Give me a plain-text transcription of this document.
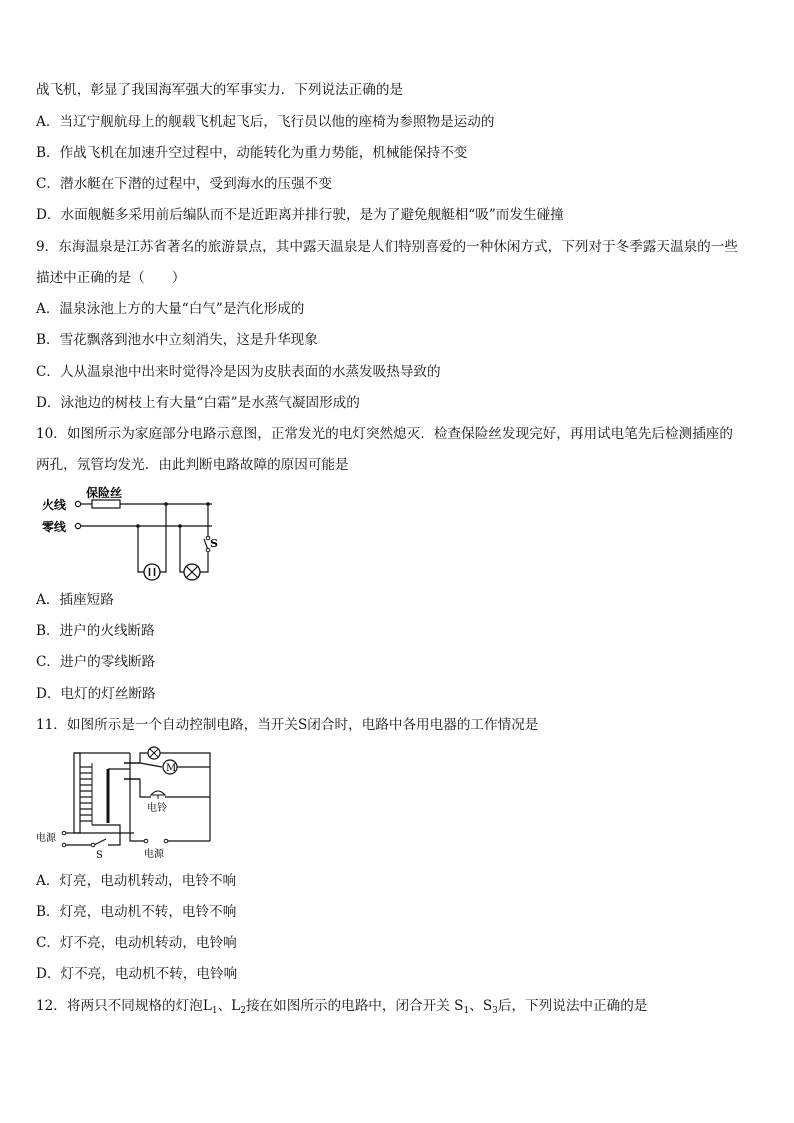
战飞机，彰显了我国海军强大的军事实力．下列说法正确的是
A．当辽宁舰航母上的舰载飞机起飞后，飞行员以他的座椅为参照物是运动的
B．作战飞机在加速升空过程中，动能转化为重力势能，机械能保持不变
C．潜水艇在下潜的过程中，受到海水的压强不变
D．水面舰艇多采用前后编队而不是近距离并排行驶，是为了避免舰艇相“吸”而发生碰撞
9．东海温泉是江苏省著名的旅游景点，其中露天温泉是人们特别喜爱的一种休闲方式，下列对于冬季露天温泉的一些
描述中正确的是（　　）
A．温泉泳池上方的大量“白气”是汽化形成的
B．雪花飘落到池水中立刻消失，这是升华现象
C．人从温泉池中出来时觉得冷是因为皮肤表面的水蒸发吸热导致的
D．泳池边的树枝上有大量“白霜”是水蒸气凝固形成的
10．如图所示为家庭部分电路示意图，正常发光的电灯突然熄灭．检查保险丝发现完好，再用试电笔先后检测插座的
两孔，氖管均发光．由此判断电路故障的原因可能是
火线
零线
保险丝
S
A．插座短路
B．进户的火线断路
C．进户的零线断路
D．电灯的灯丝断路
11．如图所示是一个自动控制电路，当开关S闭合时，电路中各用电器的工作情况是
M
电铃
电源
电源
S
A．灯亮，电动机转动，电铃不响
B．灯亮，电动机不转，电铃不响
C．灯不亮，电动机转动，电铃响
D．灯不亮，电动机不转，电铃响
12．将两只不同规格的灯泡$L_1$、$L_2$接在如图所示的电路中，闭合开关 $S_1$、$S_3$后，下列说法中正确的是
